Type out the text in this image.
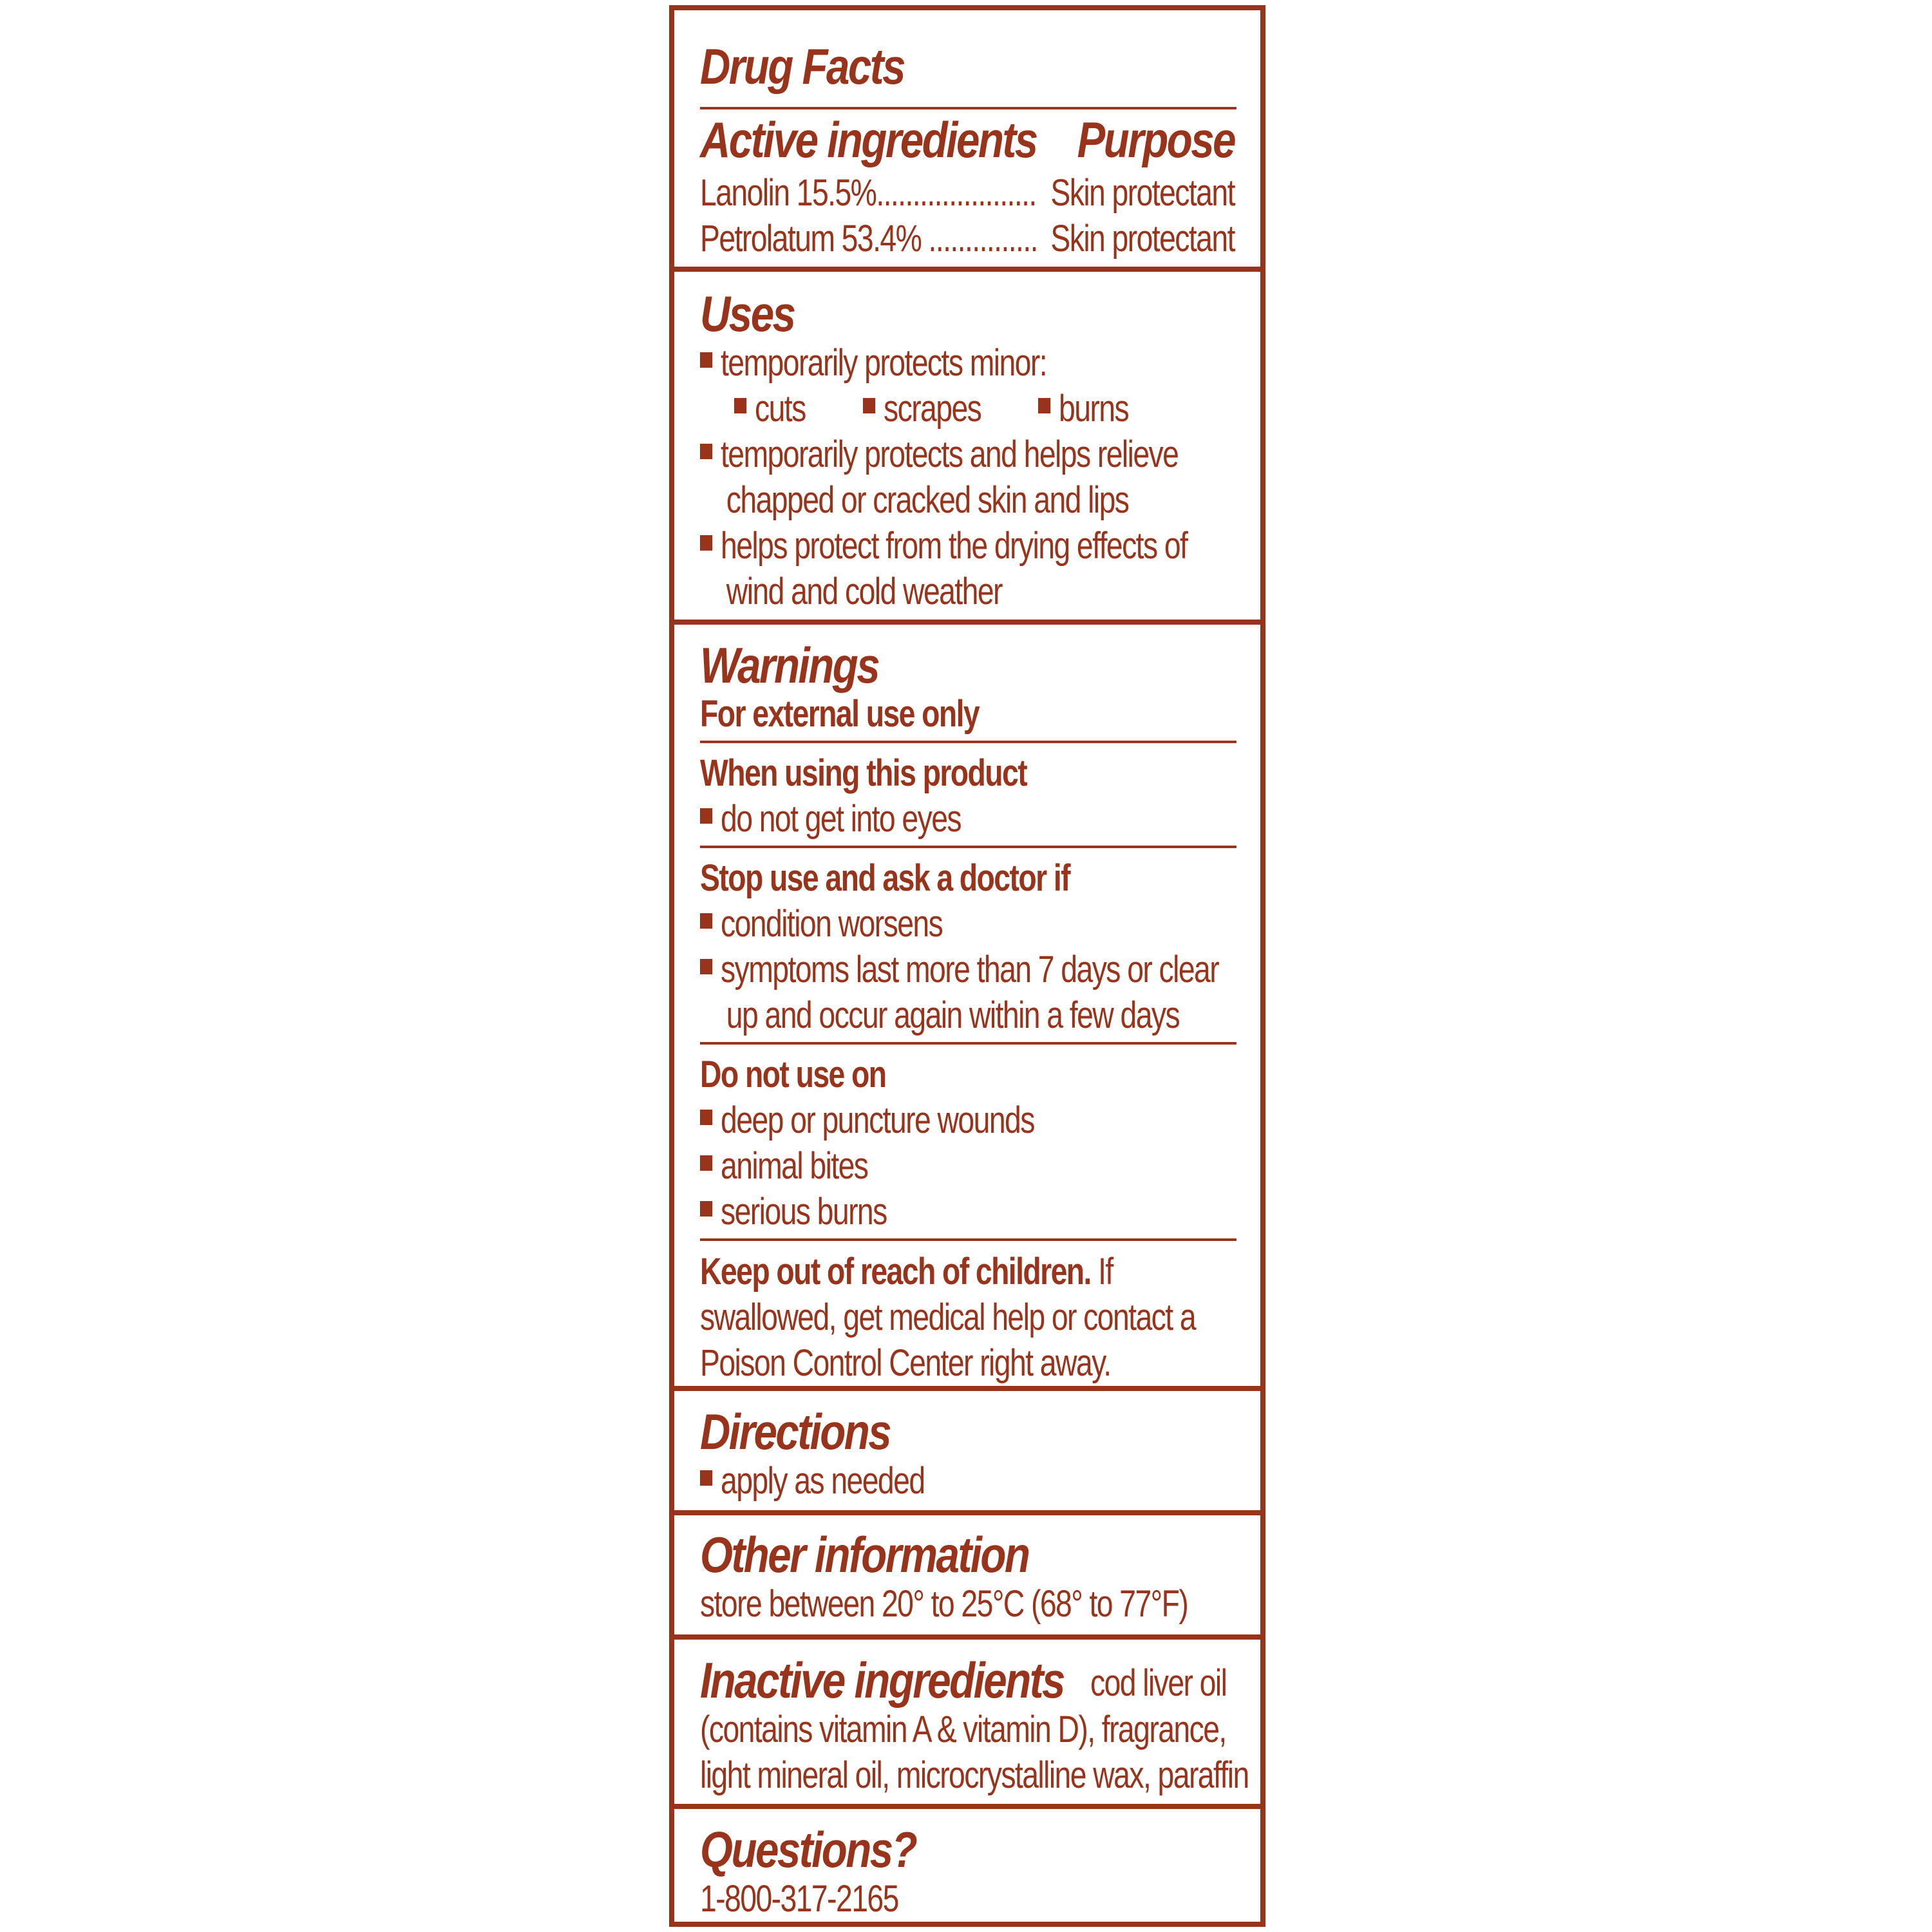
Drug Facts
Active ingredients Purpose
Lanolin 15.5%...................... Skin protectant
Petrolatum 53.4% ............... Skin protectant
Uses
temporarily protects minor:
cuts	scrapes	burns
temporarily protects and helps relieve
chapped or cracked skin and lips
helps protect from the drying effects of
wind and cold weather
Warnings
For external use only
When using this product
do not get into eyes
Stop use and ask a doctor if
condition worsens
symptoms last more than 7 days or clear
up and occur again within a few days
Do not use on
deep or puncture wounds
animal bites
serious burns
Keep out of reach of children. If
swallowed, get medical help or contact a
Poison Control Center right away.
Directions
apply as needed
Other information
store between 20° to 25°C (68° to 77°F)
Inactive ingredients cod liver oil
(contains vitamin A & vitamin D), fragrance,
light mineral oil, microcrystalline wax, paraffin
Questions?
1-800-317-2165
